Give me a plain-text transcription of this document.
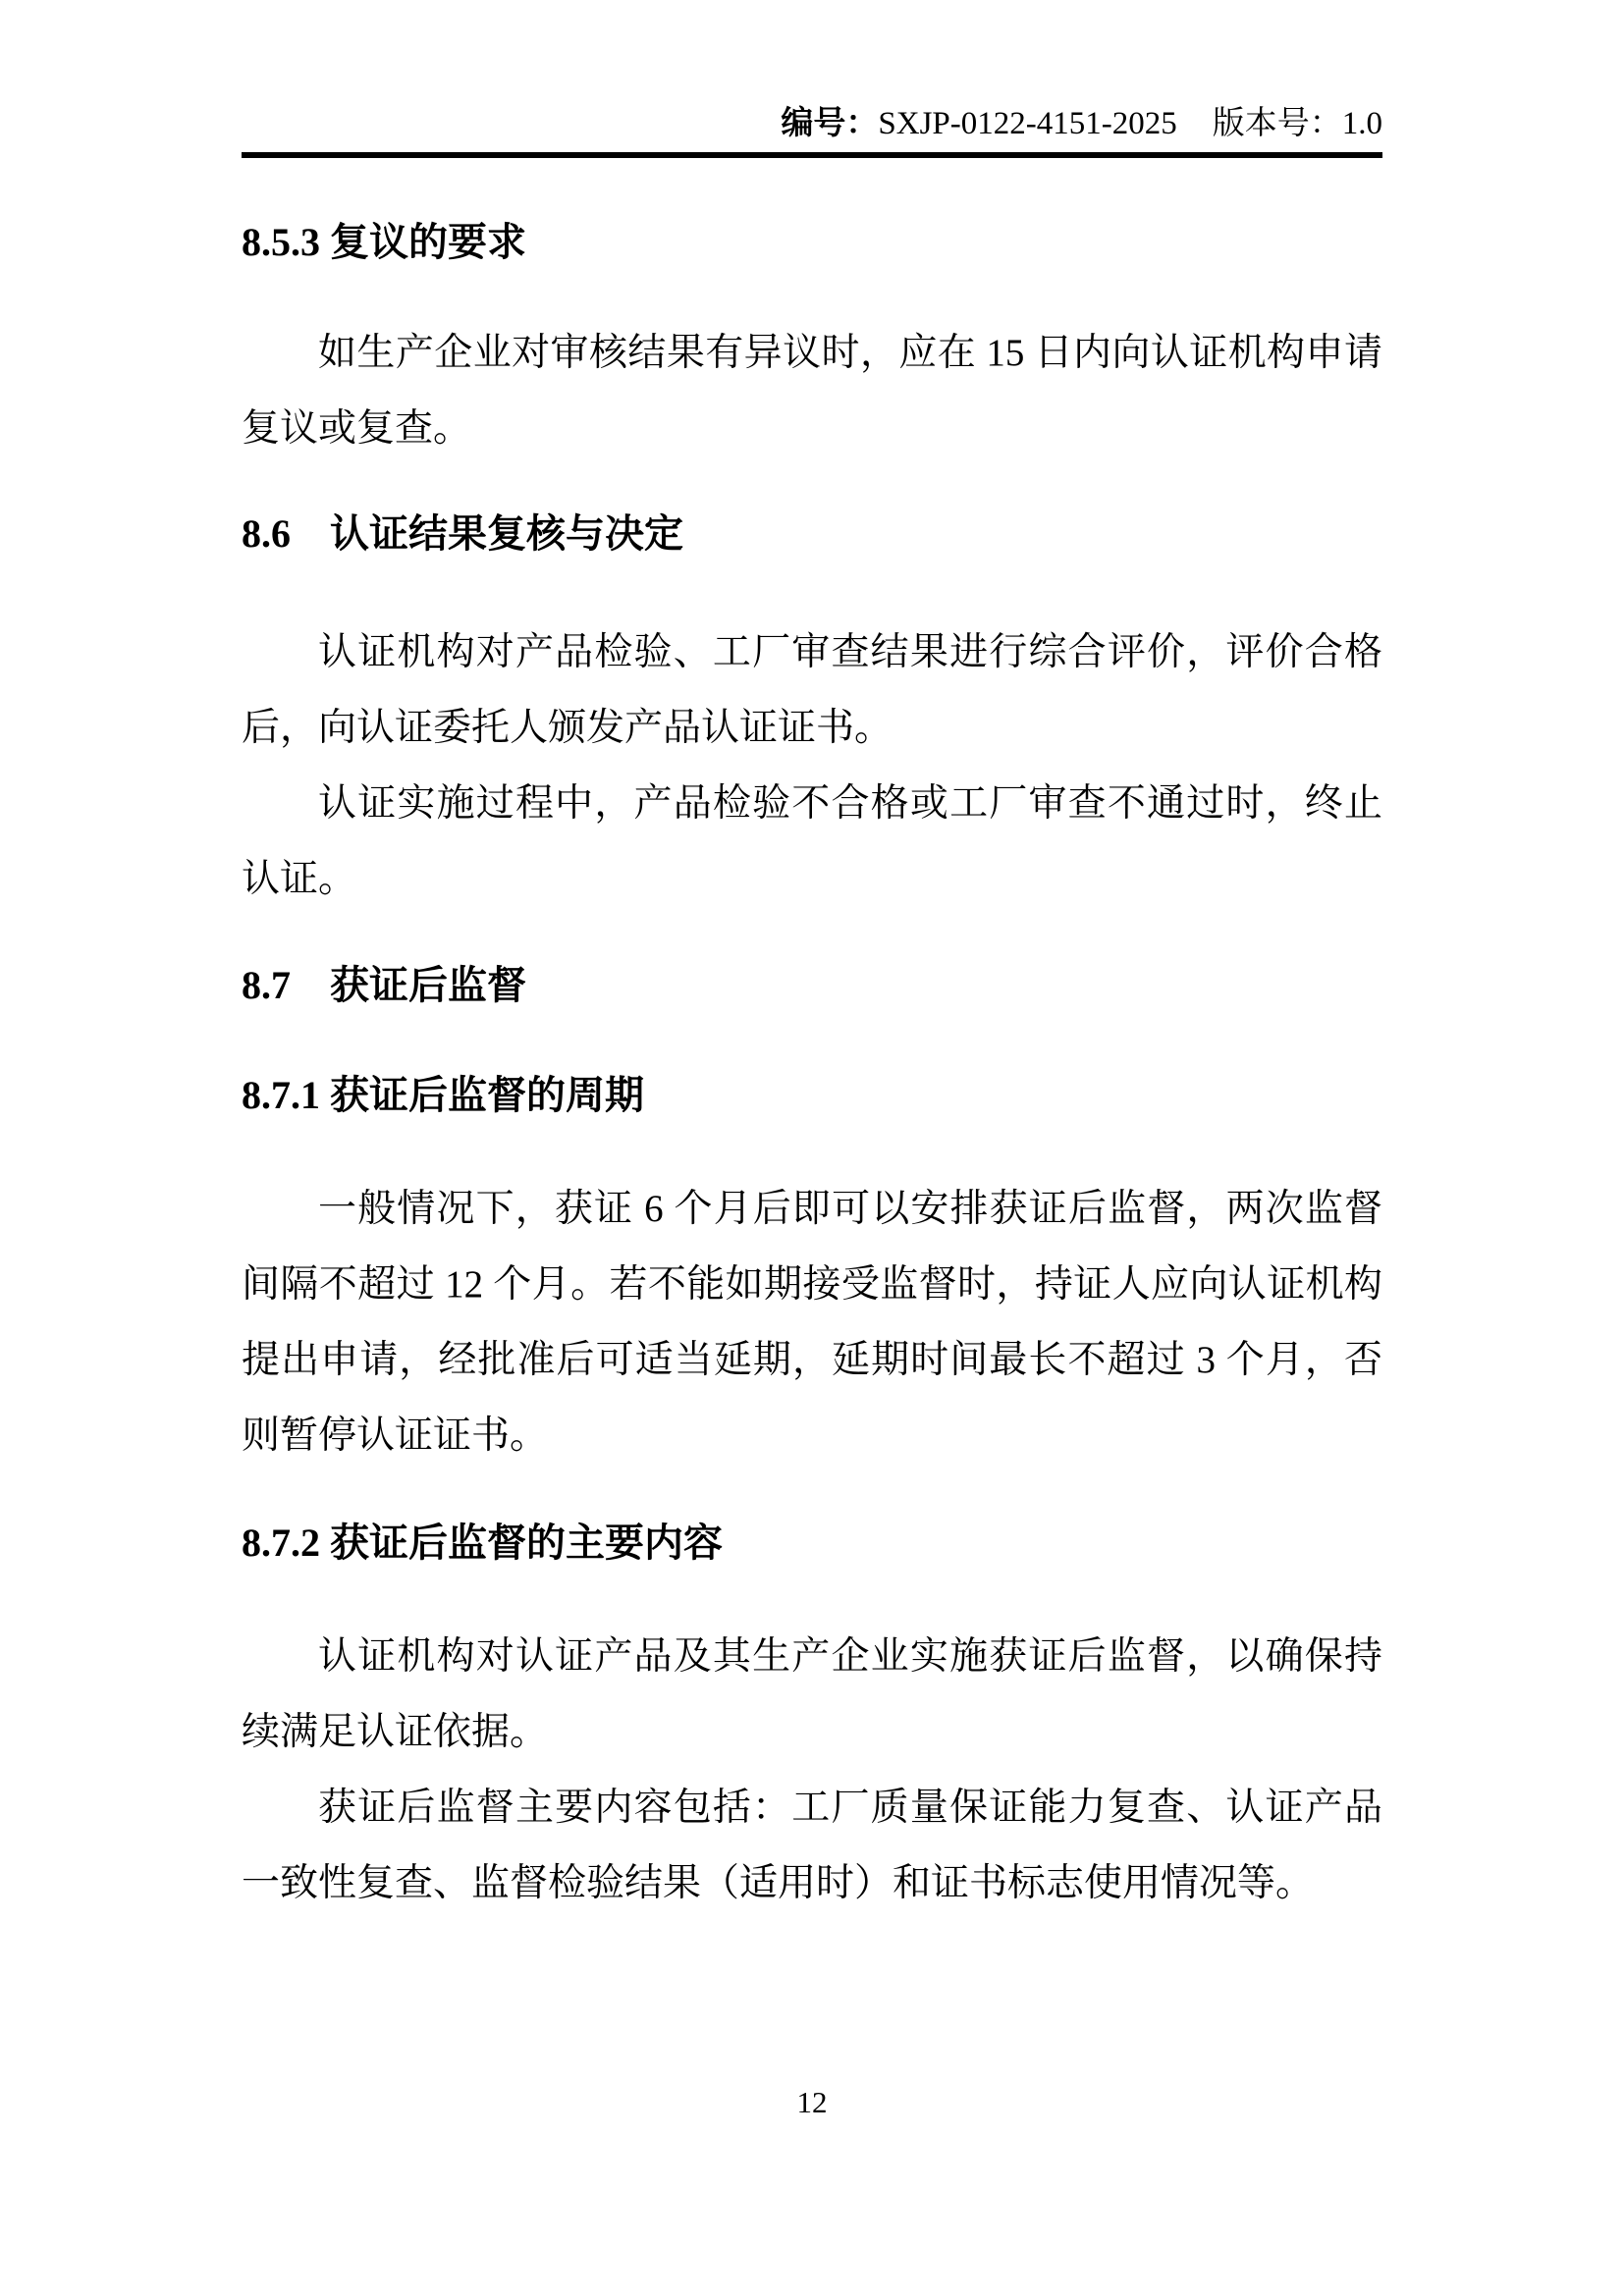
编号：SXJP-0122-4151-2025 版本号：1.0
8.5.3 复议的要求

如生产企业对审核结果有异议时，应在 15 日内向认证机构申请复议或复查。

8.6　认证结果复核与决定

认证机构对产品检验、工厂审查结果进行综合评价，评价合格后，向认证委托人颁发产品认证证书。

认证实施过程中，产品检验不合格或工厂审查不通过时，终止认证。

8.7　获证后监督
8.7.1 获证后监督的周期

一般情况下，获证 6 个月后即可以安排获证后监督，两次监督间隔不超过 12 个月。若不能如期接受监督时，持证人应向认证机构提出申请，经批准后可适当延期，延期时间最长不超过 3 个月，否则暂停认证证书。

8.7.2 获证后监督的主要内容

认证机构对认证产品及其生产企业实施获证后监督，以确保持续满足认证依据。

获证后监督主要内容包括：工厂质量保证能力复查、认证产品一致性复查、监督检验结果（适用时）和证书标志使用情况等。

12
